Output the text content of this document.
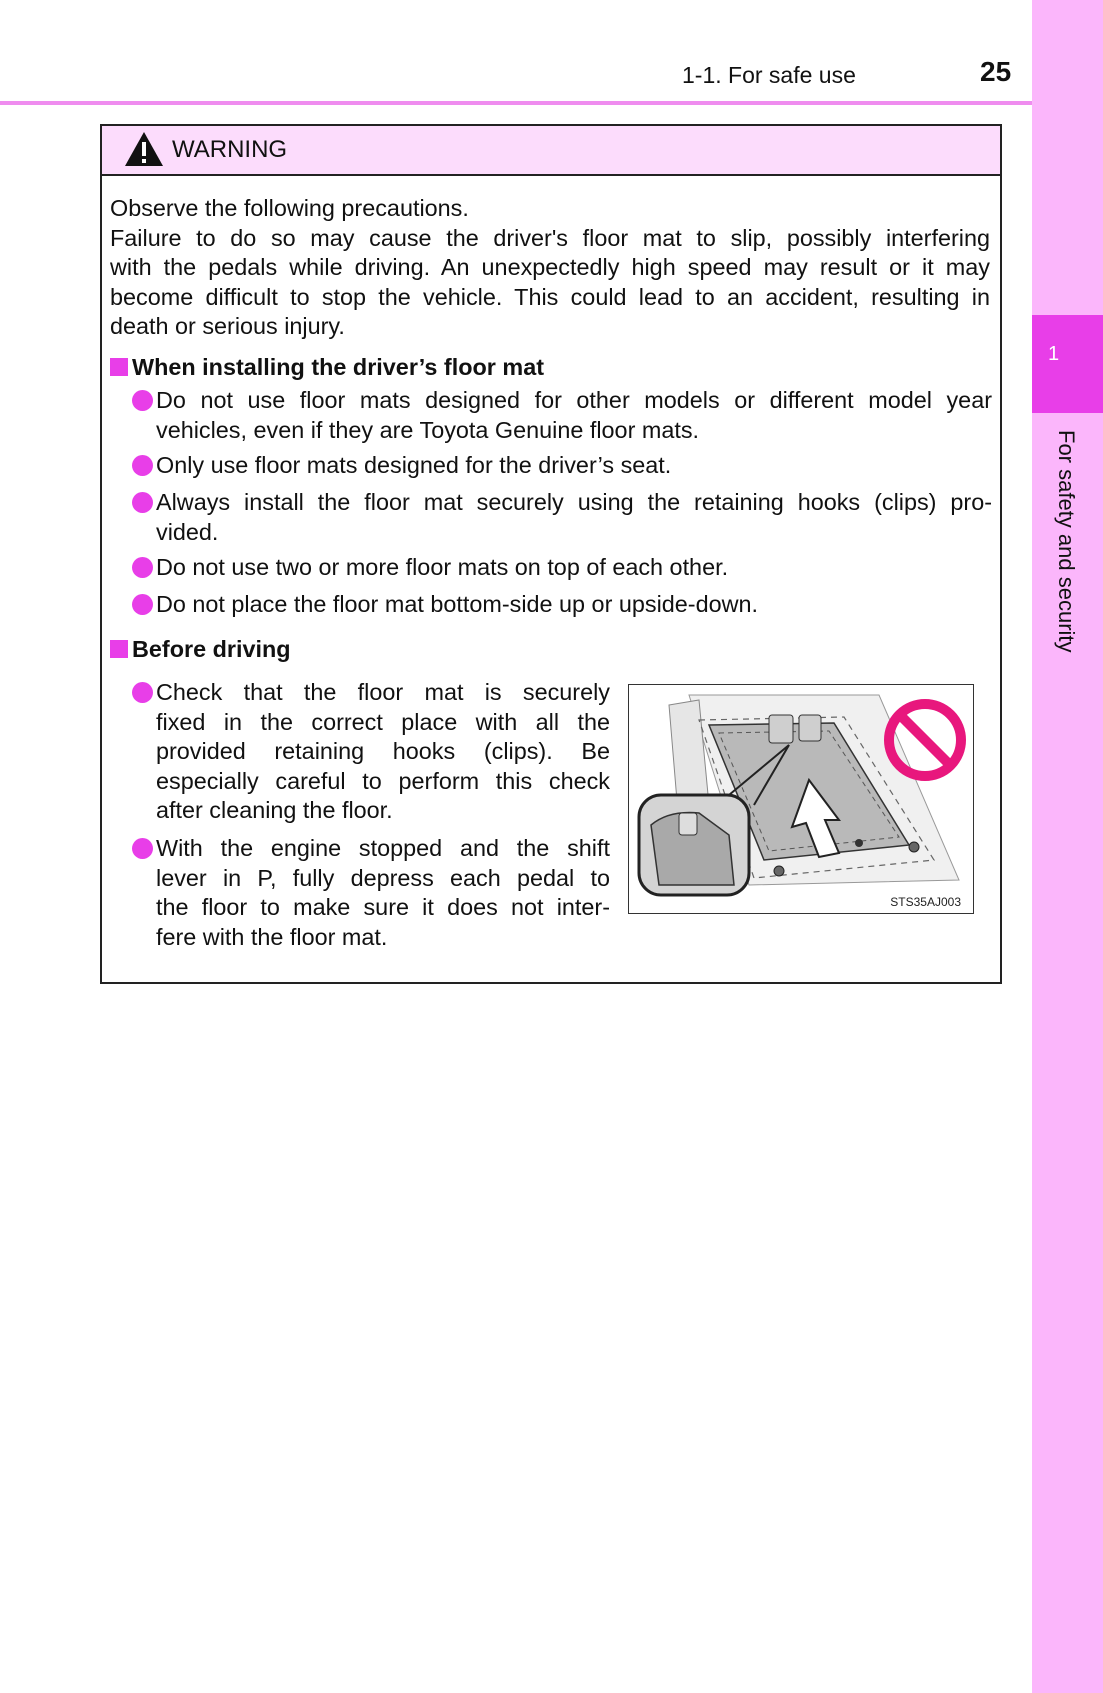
1
For safety and security
1-1. For safe use	25
WARNING
Observe the following precautions.
Failure to do so may cause the driver's floor mat to slip, possibly interfering
with the pedals while driving. An unexpectedly high speed may result or it may
become difficult to stop the vehicle. This could lead to an accident, resulting in
death or serious injury.
When installing the driver’s floor mat
Do not use floor mats designed for other models or different model year
vehicles, even if they are Toyota Genuine floor mats.
Only use floor mats designed for the driver’s seat.
Always install the floor mat securely using the retaining hooks (clips) pro-
vided.
Do not use two or more floor mats on top of each other.
Do not place the floor mat bottom-side up or upside-down.
Before driving
Check that the floor mat is securely
fixed in the correct place with all the
provided retaining hooks (clips). Be
especially careful to perform this check
after cleaning the floor.
With the engine stopped and the shift
lever in P, fully depress each pedal to
the floor to make sure it does not inter-
fere with the floor mat.
STS35AJ003
